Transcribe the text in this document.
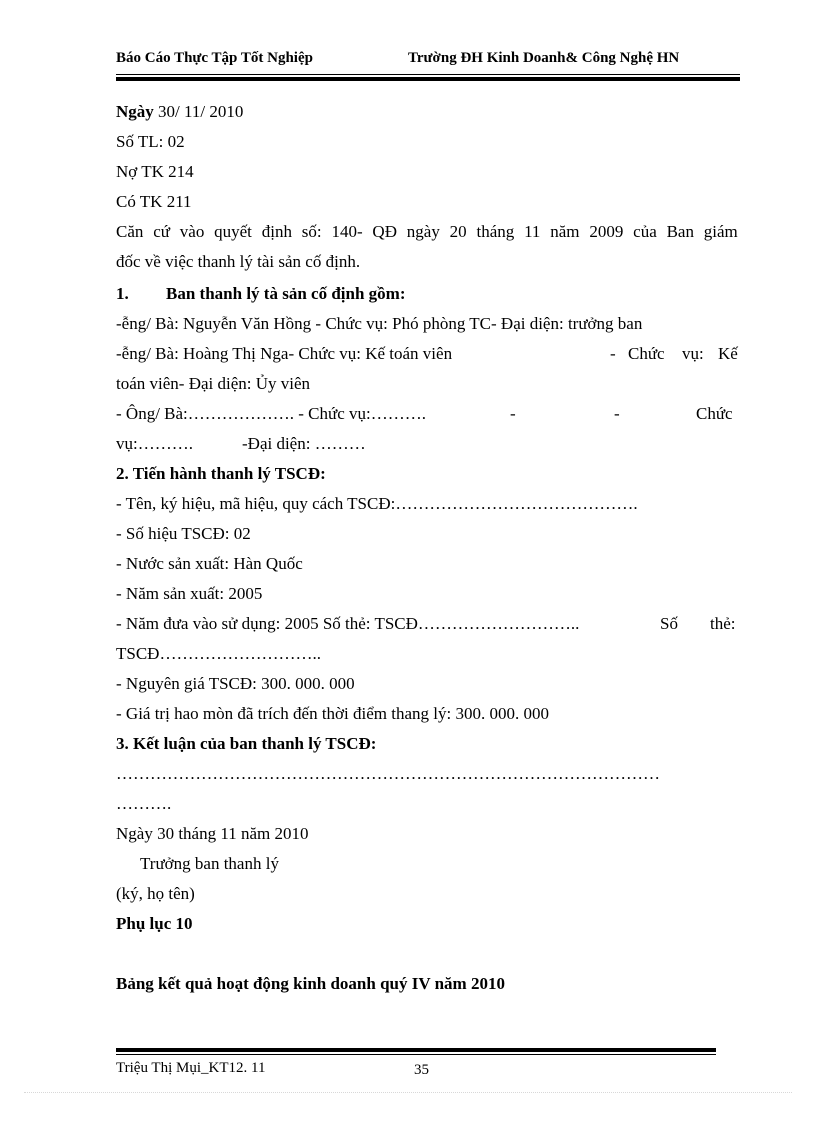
Báo Cáo Thực Tập Tốt Nghiệp	Trường ĐH Kinh Doanh& Công Nghệ HN
Ngày 30/ 11/ 2010
Số TL: 02
Nợ TK 214
Có TK 211
Căn cứ vào quyết định số: 140- QĐ ngày 20 tháng 11 năm 2009 của Ban giám
đốc về việc thanh lý tài sản cố định.
1. Ban thanh lý tà sản cố định gồm:
-ễng/ Bà: Nguyễn Văn Hồng - Chức vụ: Phó phòng TC- Đại diện: trưởng ban
-ễng/ Bà: Hoàng Thị Nga- Chức vụ: Kế toán viên	- Chức vụ: Kế
toán viên- Đại diện: Ủy viên
- Ông/ Bà:………………. - Chức vụ:……….	-	-	Chức
vụ:……….	-Đại diện: ………
2. Tiến hành thanh lý TSCĐ:
- Tên, ký hiệu, mã hiệu, quy cách TSCĐ:…………………………………….
- Số hiệu TSCĐ: 02
- Nước sản xuất: Hàn Quốc
- Năm sản xuất: 2005
- Năm đưa vào sử dụng: 2005 Số thẻ: TSCĐ………………………..	Số thẻ:
TSCĐ………………………..
- Nguyên giá TSCĐ: 300. 000. 000
- Giá trị hao mòn đã trích đến thời điểm thang lý: 300. 000. 000
3. Kết luận của ban thanh lý TSCĐ:
……………………………………………………………………………………
……….
Ngày 30 tháng 11 năm 2010
Trưởng ban thanh lý
(ký, họ tên)
Phụ lục 10
Bảng kết quả hoạt động kinh doanh quý IV năm 2010
Triệu Thị Mụi_KT12. 11	35
